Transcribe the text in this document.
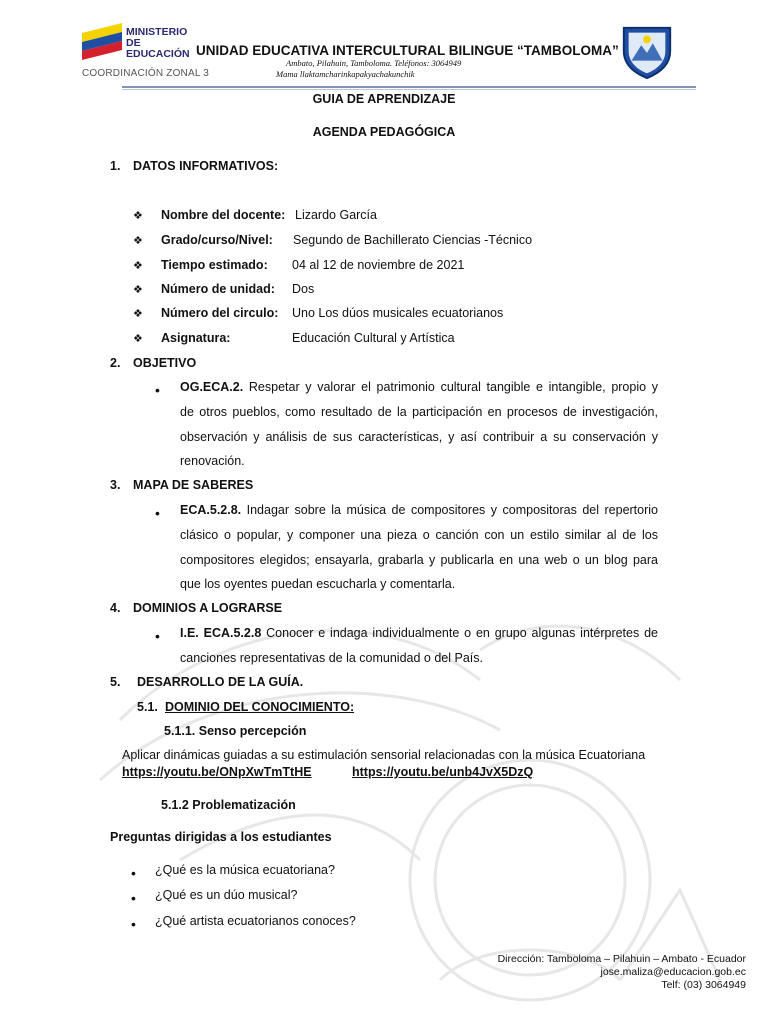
MINISTERIO
DE EDUCACIÓN
COORDINACIÓN ZONAL 3
UNIDAD EDUCATIVA INTERCULTURAL BILINGUE “TAMBOLOMA”
Ambato, Pilahuin, Tamboloma. Teléfonos: 3064949
Mama llaktamcharinkapakyachakunchik
GUIA DE APRENDIZAJE
AGENDA PEDAGÓGICA
1. DATOS INFORMATIVOS:
❖ Nombre del docente: Lizardo García
❖ Grado/curso/Nivel: Segundo de Bachillerato Ciencias -Técnico
❖ Tiempo estimado: 04 al 12 de noviembre de 2021
❖ Número de unidad: Dos
❖ Número del circulo: Uno Los dúos musicales ecuatorianos
❖ Asignatura:	Educación Cultural y Artística
2. OBJETIVO
• OG.ECA.2. Respetar y valorar el patrimonio cultural tangible e intangible, propio y
de otros pueblos, como resultado de la participación en procesos de investigación,
observación y análisis de sus características, y así contribuir a su conservación y
renovación.
3. MAPA DE SABERES
• ECA.5.2.8. Indagar sobre la música de compositores y compositoras del repertorio
clásico o popular, y componer una pieza o canción con un estilo similar al de los
compositores elegidos; ensayarla, grabarla y publicarla en una web o un blog para
que los oyentes puedan escucharla y comentarla.
4. DOMINIOS A LOGRARSE
• I.E. ECA.5.2.8 Conocer e indaga individualmente o en grupo algunas intérpretes de
canciones representativas de la comunidad o del País.
5. DESARROLLO DE LA GUÍA.
5.1. DOMINIO DEL CONOCIMIENTO:
5.1.1. Senso percepción
Aplicar dinámicas guiadas a su estimulación sensorial relacionadas con la música Ecuatoriana
https://youtu.be/ONpXwTmTtHE	https://youtu.be/unb4JvX5DzQ
5.1.2 Problematización
Preguntas dirigidas a los estudiantes
• ¿Qué es la música ecuatoriana?
• ¿Qué es un dúo musical?
• ¿Qué artista ecuatorianos conoces?
Dirección: Tamboloma – Pilahuin – Ambato - Ecuador
jose.maliza@educacion.gob.ec
Telf: (03) 3064949
